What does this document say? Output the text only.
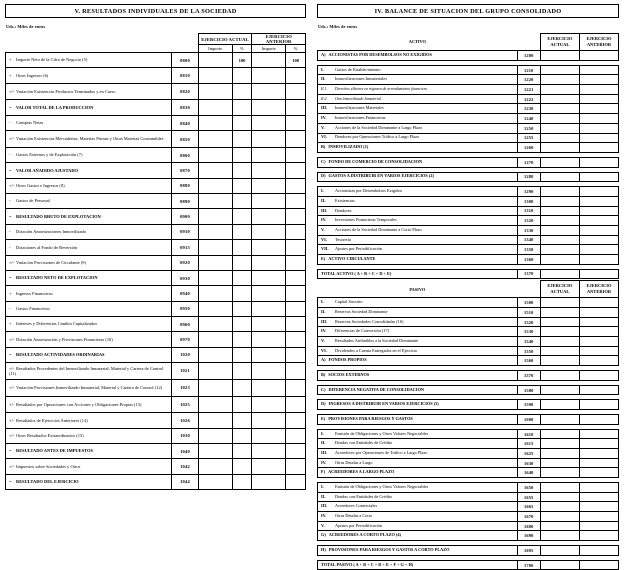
V. RESULTADOS INDIVIDUALES DE LA SOCIEDAD
Uds.: Miles de euros
		EJERCICIO ACTUAL		EJERCICIO ANTERIOR	
		Importe	%	Importe	%
+ Importe Neto de la Cifra de Negocio (5)	0800		100		100
+ Otros Ingresos (6)	0810				
+/- Variación Existencias Productos Terminados y en Curso	0820				
= VALOR TOTAL DE LA PRODUCCION	0830				
- Compras Netas	0840				
+/- Variación Existencias Mercaderías, Materias Primas y Otras Materias Consumibles	0850				
- Gastos Externos y de Explotación (7)	0860				
= VALOR AÑADIDO AJUSTADO	0870				
+/- Otros Gastos e Ingresos (8)	0880				
- Gastos de Personal	0890				
= RESULTADO BRUTO DE EXPLOTACION	0900				
- Dotación Amortizaciones Inmovilizado	0910				
- Dotaciones al Fondo de Reversión	0915				
+/- Variación Provisiones de Circulante (9)	0920				
= RESULTADO NETO DE EXPLOTACION	0930				
+ Ingresos Financieros	0940				
- Gastos Financieros	0950				
+ Intereses y Diferencias Cambio Capitalizados	0960				
+/- Dotación Amortización y Provisiones Financieras (10)	0970				
= RESULTADO ACTIVIDADES ORDINARIAS	1020				
+/- Resultados Procedentes del Inmovilizado Inmaterial, Material y Cartera de Control (11)	1021				
+/- Variación Provisiones Inmovilizado Inmaterial, Material y Cartera de Control (12)	1023				
+/- Resultados por Operaciones con Acciones y Obligaciones Propias (13)	1025				
+/- Resultados de Ejercicios Anteriores (14)	1026				
+/- Otros Resultados Extraordinarios (15)	1030				
= RESULTADO ANTES DE IMPUESTOS	1040				
+/- Impuestos sobre Sociedades y Otros	1042				
= RESULTADO DEL EJERCICIO	1044				
IV. BALANCE DE SITUACION DEL GRUPO CONSOLIDADO
Uds.: Miles de euros
ACTIVO		EJERCICIO
ACTUAL	EJERCICIO
ANTERIOR
A) ACCIONISTAS POR DESEMBOLSOS NO EXIGIDOS	1200		

I. Gastos de Establecimiento	1210		
II. Inmovilizaciones Inmateriales	1220		
II.1 Derechos s/bienes en régimen de arrendamiento financiero	1221		
II.2 Otro Inmovilizado Inmaterial	1222		
III. Inmovilizaciones Materiales	1230		
IV. Inmovilizaciones Financieras	1240		
V. Acciones de la Sociedad Dominante a Largo Plazo	1250		
VI. Deudores por Operaciones Tráfico a Largo Plazo	1255		
B) INMOVILIZADO (1)	1260		

C) FONDO DE COMERCIO DE CONSOLIDACION	1270		

D) GASTOS A DISTRIBUIR EN VARIOS EJERCICIOS (2)	1280		

I. Accionistas por Desembolsos Exigidos	1290		
II. Existencias	1300		
III. Deudores	1310		
IV. Inversiones Financieras Temporales	1320		
V. Acciones de la Sociedad Dominante a Corto Plazo	1330		
VI. Tesorería	1340		
VII. Ajustes por Periodificación	1350		
E) ACTIVO CIRCULANTE	1360		

TOTAL ACTIVO ( A + B + C + D + E)	1370		
PASIVO		EJERCICIO
ACTUAL	EJERCICIO
ANTERIOR
I. Capital Suscrito	1500		
II. Reservas Sociedad Dominante	1510		
III. Reservas Sociedades Consolidadas (16)	1520		
IV. Diferencias de Conversión (17)	1530		
V. Resultados Atribuibles a la Sociedad Dominante	1540		
VI. Dividendos a Cuenta Entregados en el Ejercicio	1550		
A) FONDOS PROPIOS	1560		

B) SOCIOS EXTERNOS	1570		

C) DIFERENCIA NEGATIVA DE CONSOLIDACION	1580		

D) INGRESOS A DISTRIBUIR EN VARIOS EJERCICIOS (3)	1590		

E) PROVISIONES PARA RIESGOS Y GASTOS	1600		

I. Emisión de Obligaciones y Otros Valores Negociables	1610		
II. Deudas con Entidades de Crédito	1615		
III. Acreedores por Operaciones de Tráfico a Largo Plazo	1625		
IV. Otras Deudas a Largo	1630		
F) ACREEDORES A LARGO PLAZO	1640		

I. Emisión de Obligaciones y Otros Valores Negociables	1650		
II. Deudas con Entidades de Crédito	1655		
III. Acreedores Comerciales	1665		
IV. Otras Deudas a Corto	1670		
V. Ajustes por Periodificación	1680		
G) ACREEDORES A CORTO PLAZO (4)	1690		

H) PROVISIONES PARA RIESGOS Y GASTOS A CORTO PLAZO	1695		

TOTAL PASIVO ( A + B + C + D + E + F + G + H)	1700		
